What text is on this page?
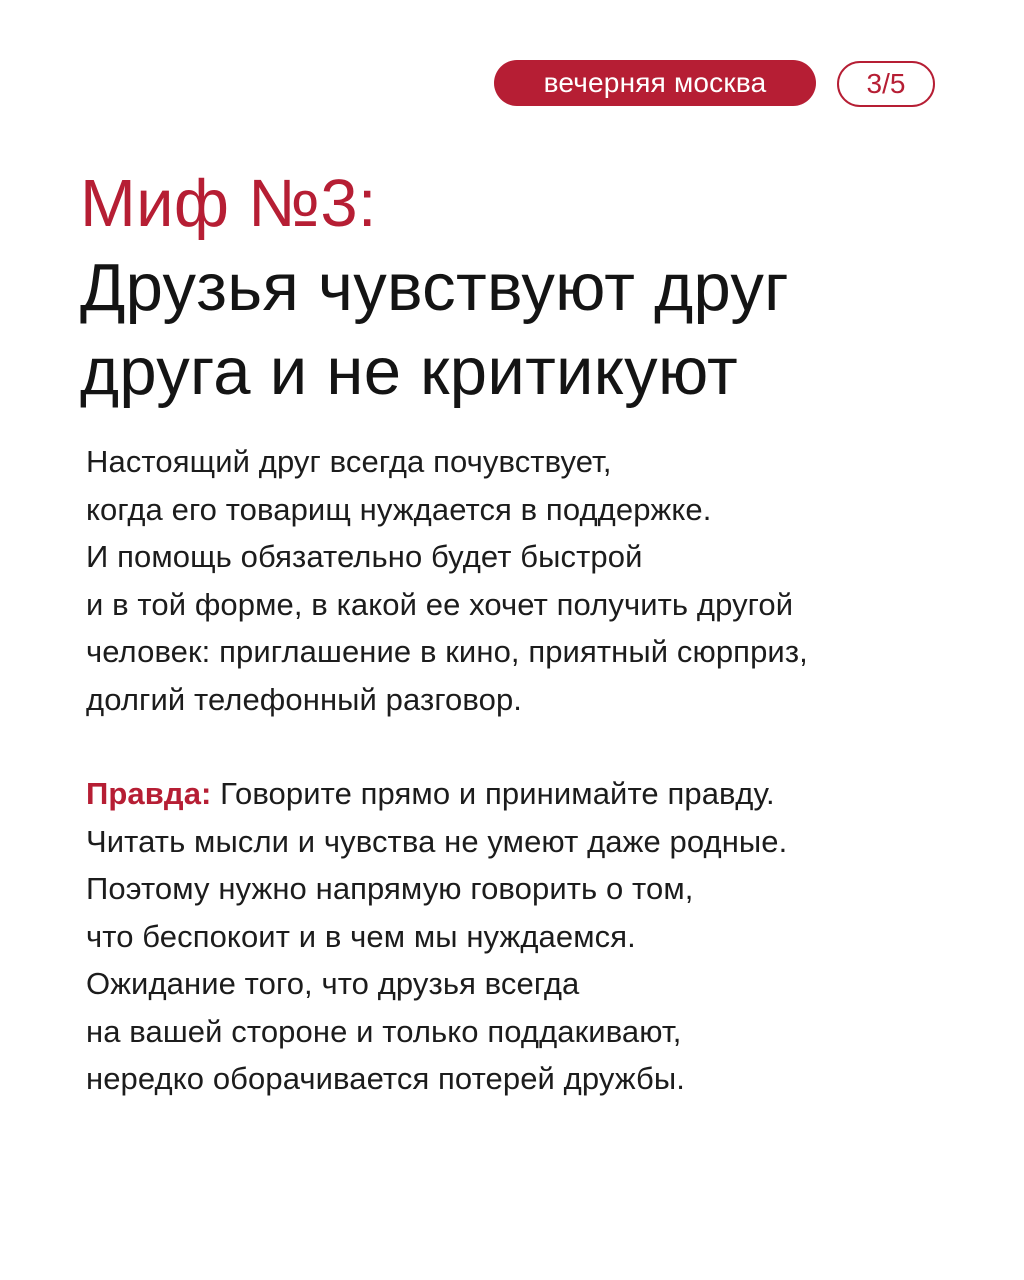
вечерняя москва	3/5
Миф №3:
Друзья чувствуют друг
друга и не критикуют

Настоящий друг всегда почувствует,
когда его товарищ нуждается в поддержке.
И помощь обязательно будет быстрой
и в той форме, в какой ее хочет получить другой
человек: приглашение в кино, приятный сюрприз,
долгий телефонный разговор.

Правда: Говорите прямо и принимайте правду.
Читать мысли и чувства не умеют даже родные.
Поэтому нужно напрямую говорить о том,
что беспокоит и в чем мы нуждаемся.
Ожидание того, что друзья всегда
на вашей стороне и только поддакивают,
нередко оборачивается потерей дружбы.
